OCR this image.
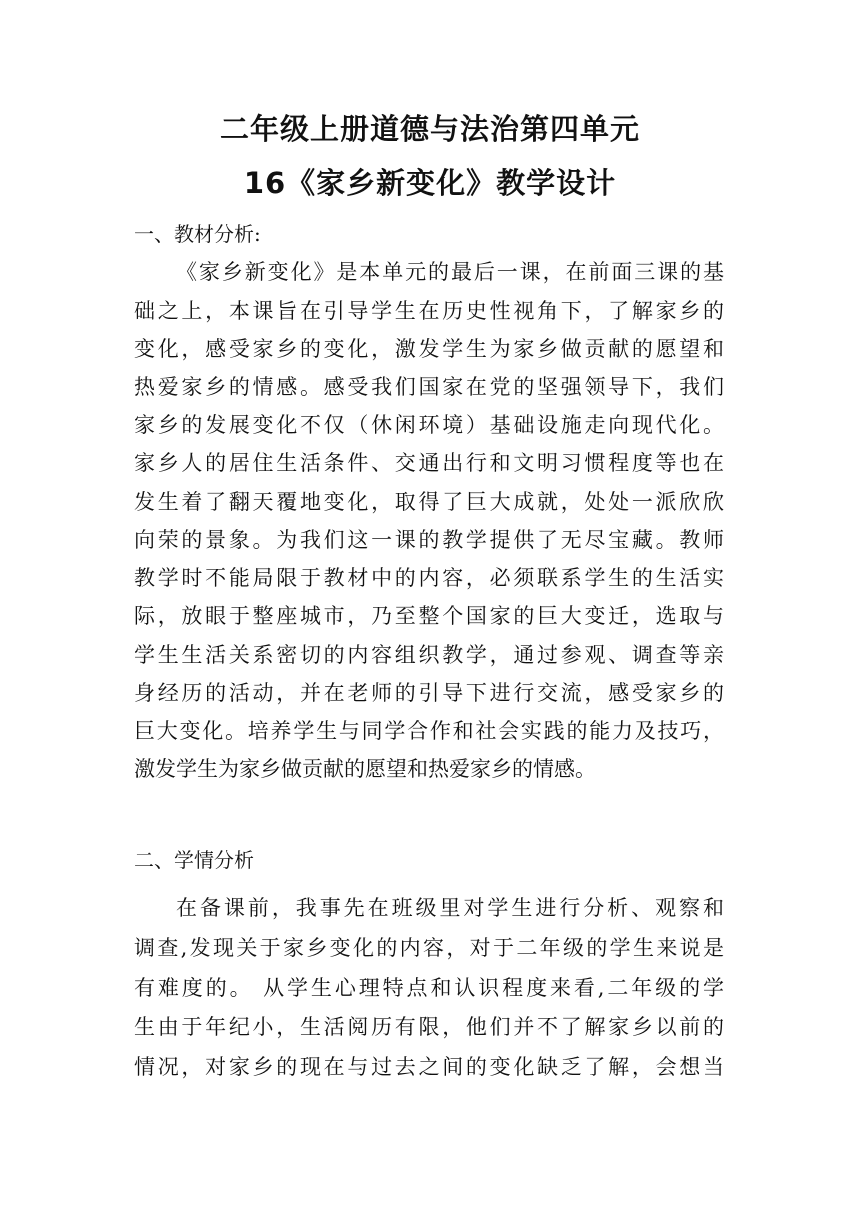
二年级上册道德与法治第四单元
16《家乡新变化》教学设计
一、教材分析:
《家乡新变化》是本单元的最后一课，在前面三课的基
础之上，本课旨在引导学生在历史性视角下，了解家乡的
变化，感受家乡的变化，激发学生为家乡做贡献的愿望和
热爱家乡的情感。感受我们国家在党的坚强领导下，我们
家乡的发展变化不仅（休闲环境）基础设施走向现代化。
家乡人的居住生活条件、交通出行和文明习惯程度等也在
发生着了翻天覆地变化，取得了巨大成就，处处一派欣欣
向荣的景象。为我们这一课的教学提供了无尽宝藏。教师
教学时不能局限于教材中的内容，必须联系学生的生活实
际，放眼于整座城市，乃至整个国家的巨大变迁，选取与
学生生活关系密切的内容组织教学，通过参观、调查等亲
身经历的活动，并在老师的引导下进行交流，感受家乡的
巨大变化。培养学生与同学合作和社会实践的能力及技巧，
激发学生为家乡做贡献的愿望和热爱家乡的情感。
二、学情分析
在备课前，我事先在班级里对学生进行分析、观察和
调查,发现关于家乡变化的内容，对于二年级的学生来说是
有难度的。 从学生心理特点和认识程度来看,二年级的学
生由于年纪小，生活阅历有限，他们并不了解家乡以前的
情况，对家乡的现在与过去之间的变化缺乏了解，会想当
